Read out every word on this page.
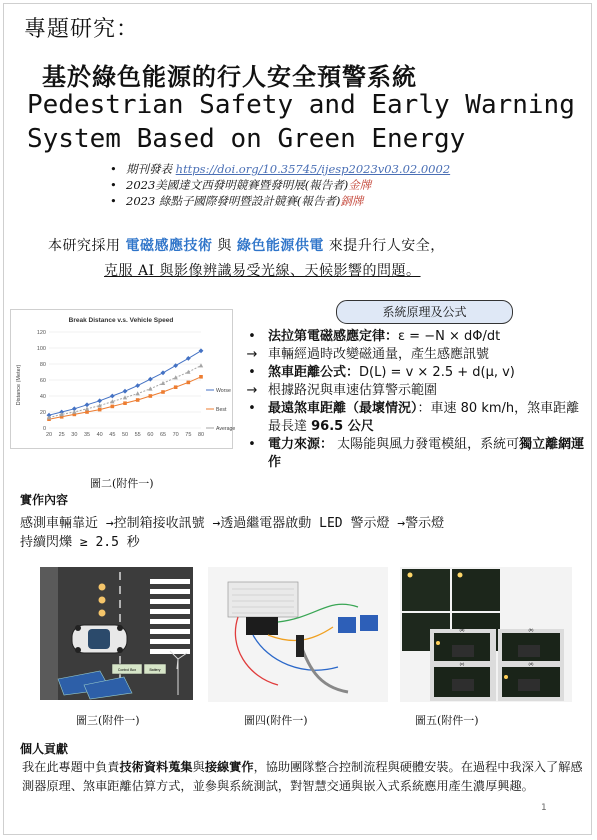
專題研究：
基於綠色能源的行人安全預警系統
Pedestrian Safety and Early Warning
System Based on Green Energy
• 期刊發表 https://doi.org/10.35745/ijesp2023v03.02.0002
• 2023美國達文西發明競賽暨發明展(報告者)金牌
• 2023 綠點子國際發明暨設計競賽(報告者)銅牌
本研究採用 電磁感應技術 與 綠色能源供電 來提升行人安全，
克服 AI 與影像辨識易受光線、天候影響的問題。
Break Distance v.s. Vehicle Speed
0
20
40
60
80
100
120
20 25 30 35 40 45 50 55 60 65 70 75 80
Worse
Best
Average
Distance (Meter)
圖二(附件一)
系統原理及公式
• 法拉第電磁感應定律：ε = −N × dΦ/dt
→ 車輛經過時改變磁通量，產生感應訊號
• 煞車距離公式：D(L) = v × 2.5 + d(μ, v)
→ 根據路況與車速估算警示範圍
• 最遠煞車距離（最壞情況）：車速 80 km/h，煞車距離最長達 96.5 公尺
• 電力來源： 太陽能與風力發電模組，系統可獨立離網運作
實作內容
感測車輛靠近 →控制箱接收訊號 →透過繼電器啟動 LED 警示燈 →警示燈
持續閃爍 ≥ 2.5 秒
Control Box	Battery
圖三(附件一)	圖四(附件一)
(a)	(b)
(c)	(d)
圖五(附件一)
個人貢獻
我在此專題中負責技術資料蒐集與接線實作，協助團隊整合控制流程與硬體安裝。在過程中我深入了解感測器原理、煞車距離估算方式，並參與系統測試，對智慧交通與嵌入式系統應用產生濃厚興趣。
1
